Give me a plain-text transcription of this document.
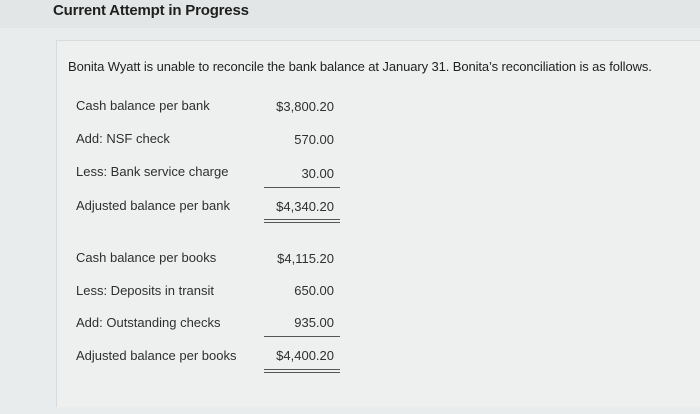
Current Attempt in Progress
Bonita Wyatt is unable to reconcile the bank balance at January 31. Bonita’s reconciliation is as follows.
Cash balance per bank	$3,800.20
Add: NSF check	570.00
Less: Bank service charge	30.00
Adjusted balance per bank	$4,340.20
Cash balance per books	$4,115.20
Less: Deposits in transit	650.00
Add: Outstanding checks	935.00
Adjusted balance per books	$4,400.20
